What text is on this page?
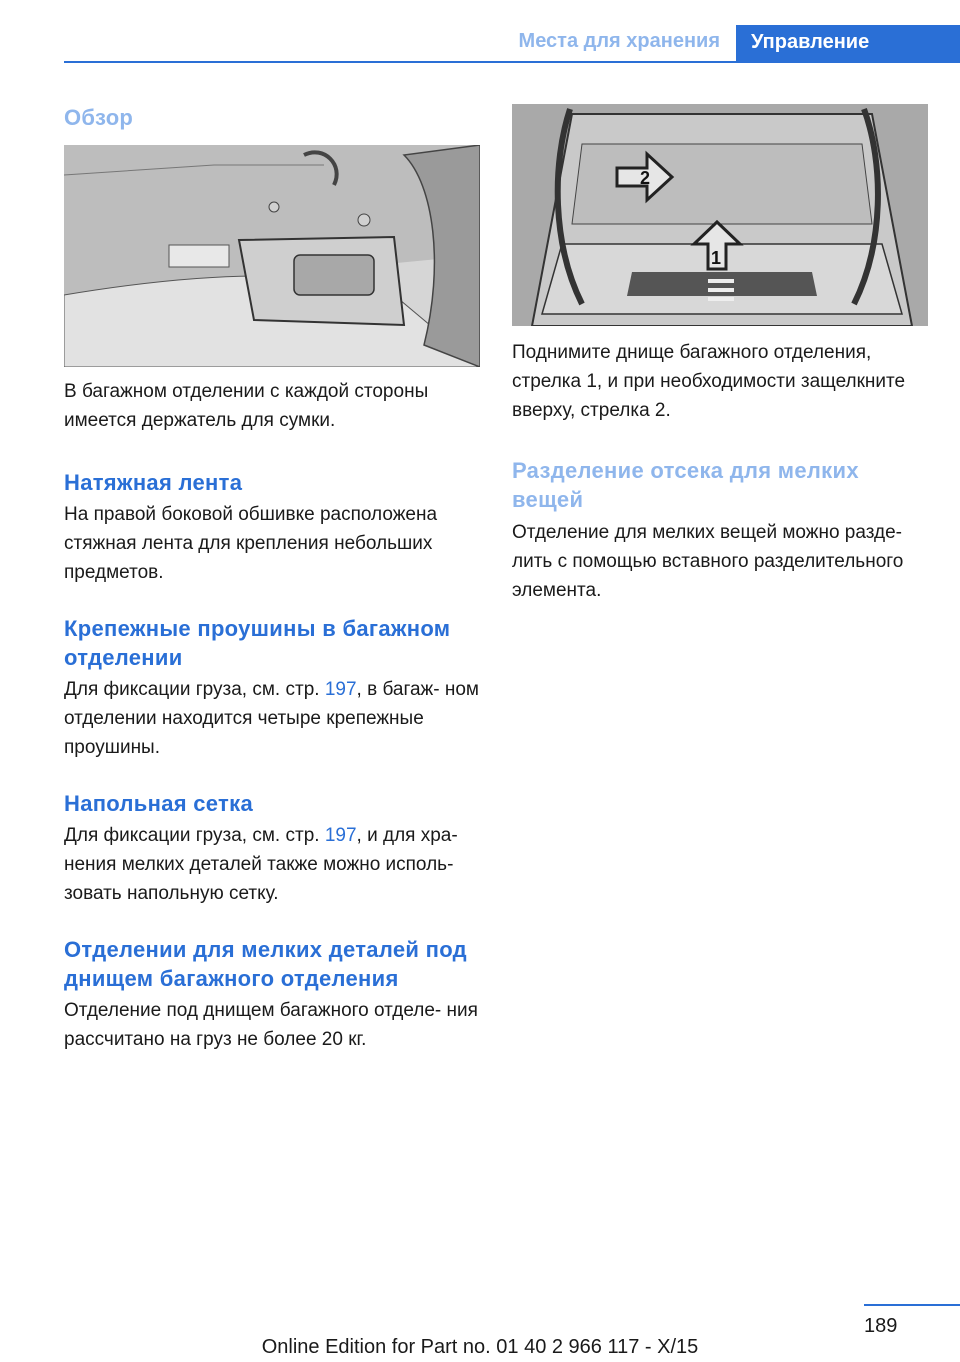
Места для хранения	Управление
Обзор

В багажном отделении с каждой стороны имеется держатель для сумки.

Натяжная лента

На правой боковой обшивке расположена стяжная лента для крепления небольших предметов.

Крепежные проушины в багажном отделении

Для фиксации груза, см. стр. 197, в багаж- ном отделении находится четыре крепежные проушины.

Напольная сетка

Для фиксации груза, см. стр. 197, и для хра- нения мелких деталей также можно исполь- зовать напольную сетку.

Отделении для мелких деталей под днищем багажного отделения

Отделение под днищем багажного отделе- ния рассчитано на груз не более 20 кг.

2
1

Поднимите днище багажного отделения, стрелка 1, и при необходимости защелкните вверху, стрелка 2.

Разделение отсека для мелких вещей

Отделение для мелких вещей можно разде- лить с помощью вставного разделительного элемента.

189
Online Edition for Part no. 01 40 2 966 117 - X/15
